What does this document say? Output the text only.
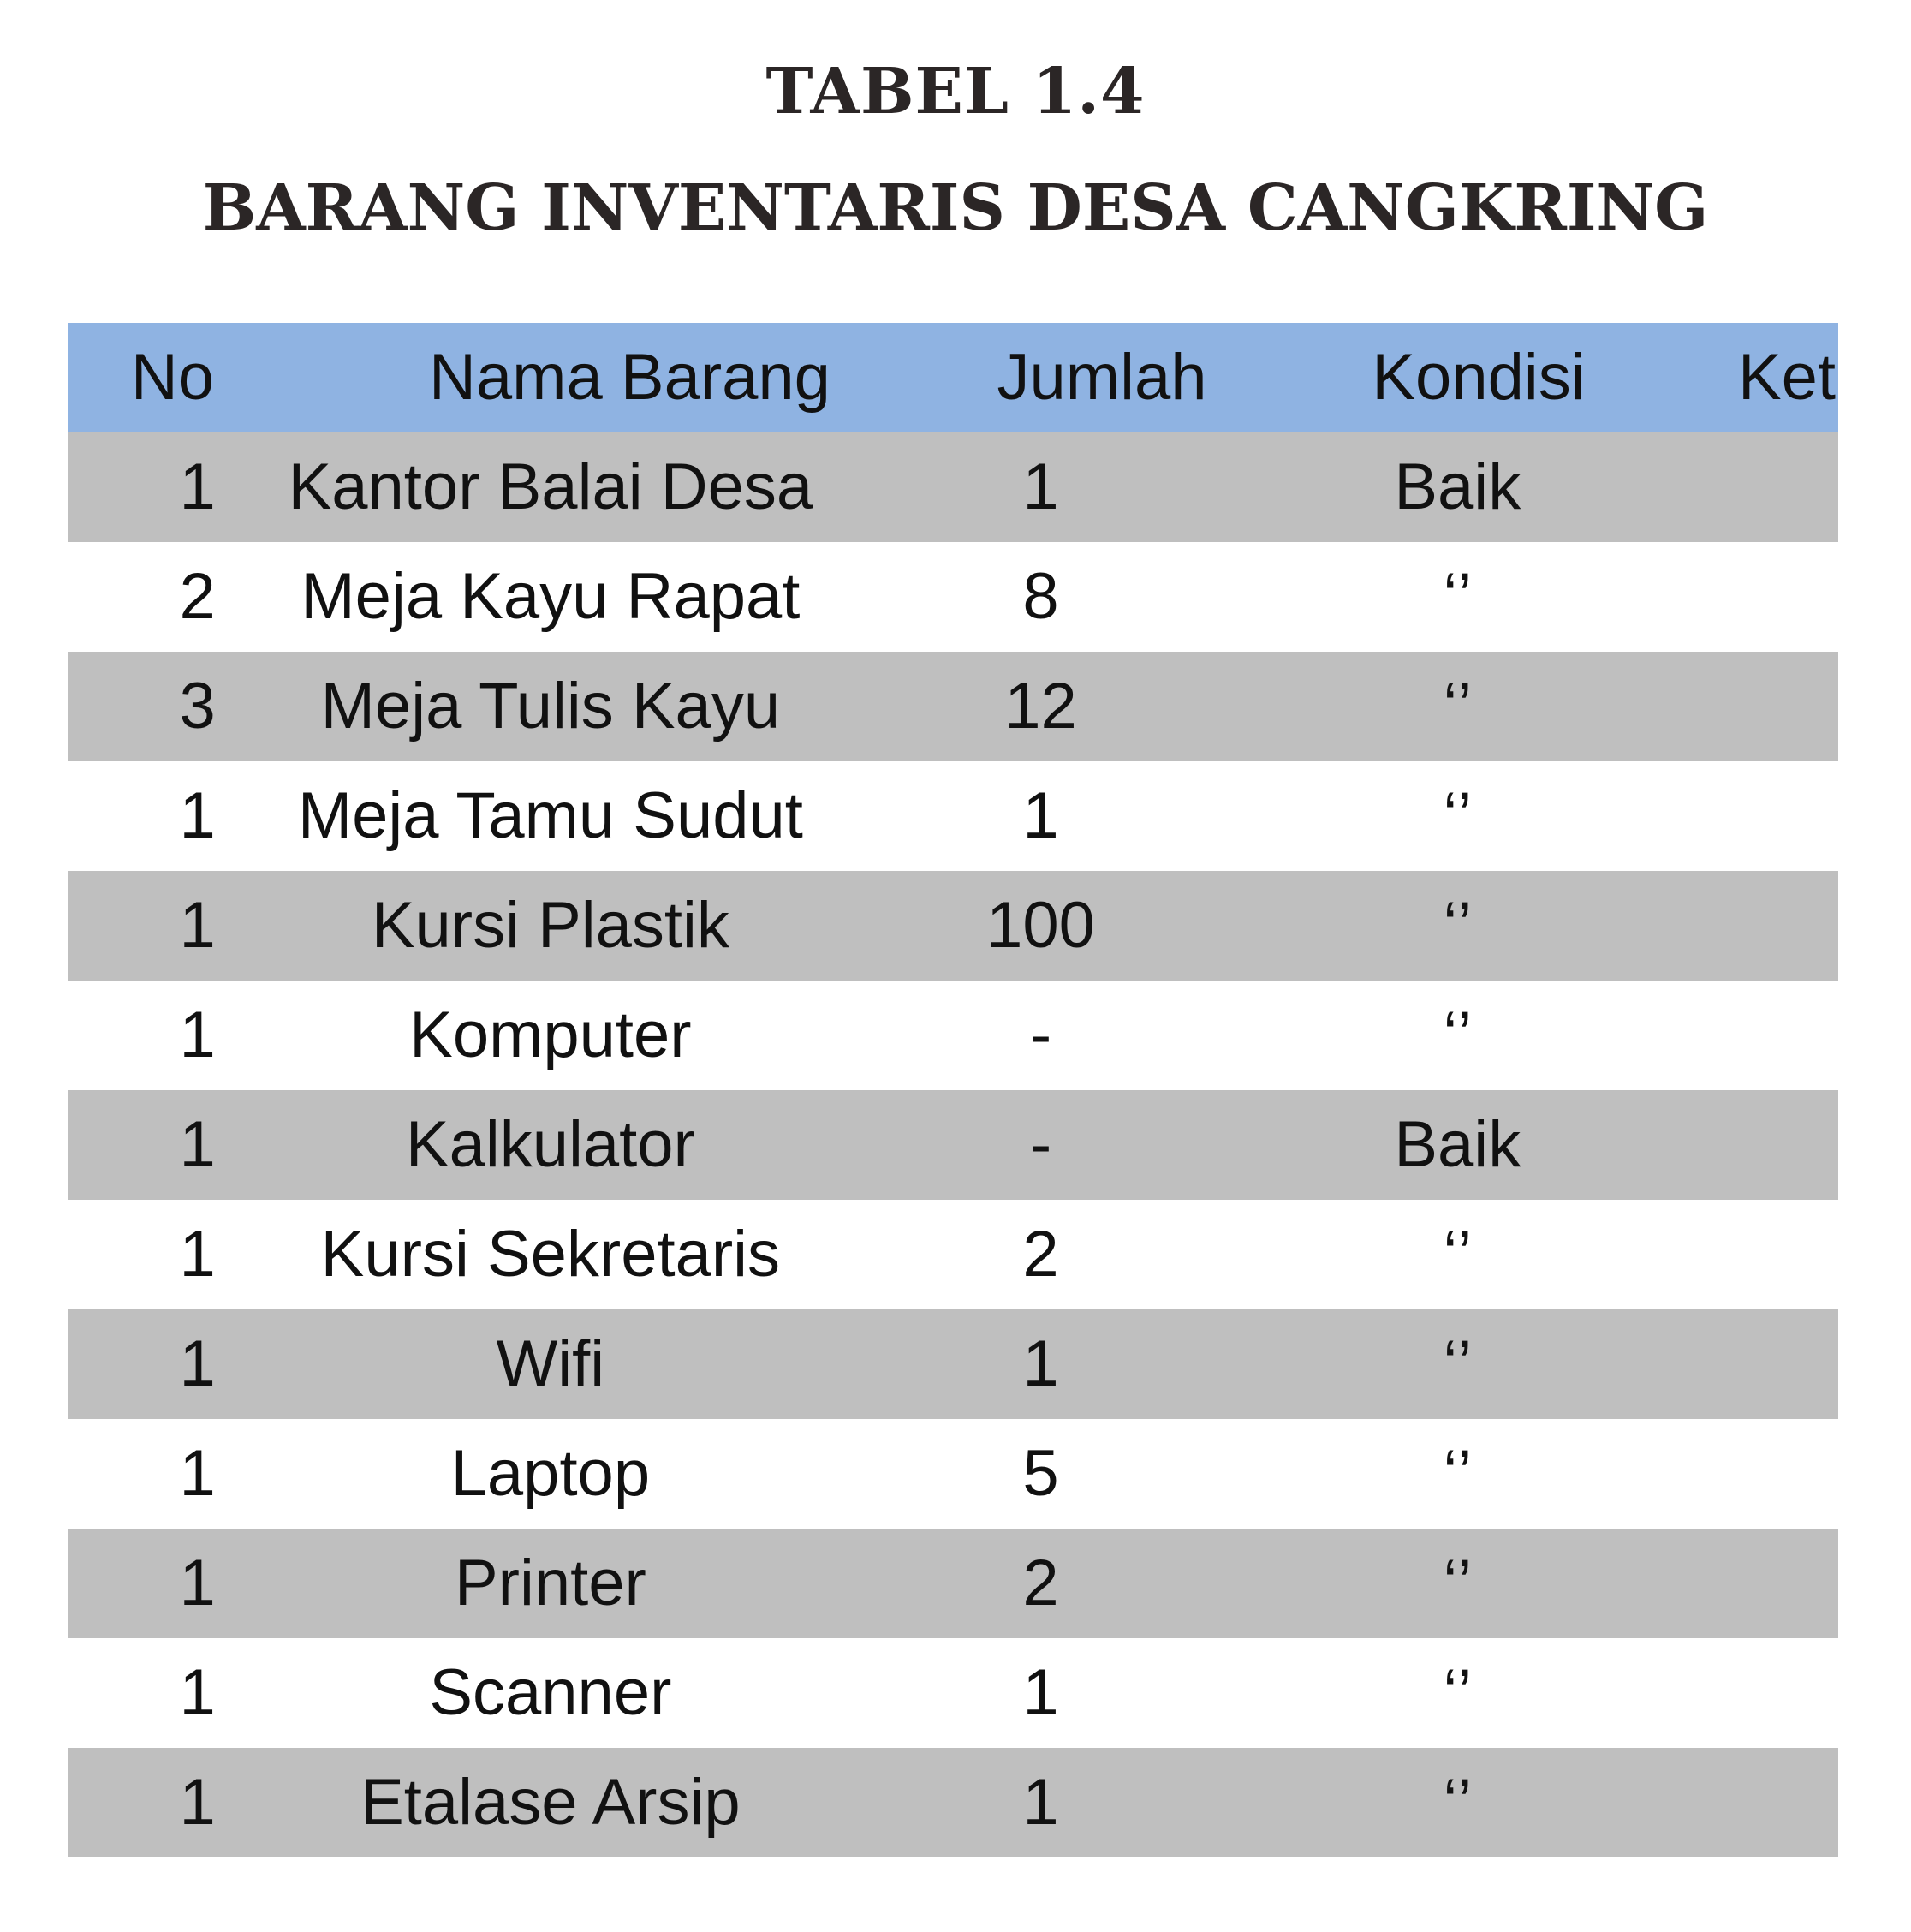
TABEL 1.4
BARANG INVENTARIS DESA CANGKRING
No	Nama Barang	Jumlah	Kondisi	Ket
1	Kantor Balai Desa	1	Baik
2	Meja Kayu Rapat	8	‘’
3	Meja Tulis Kayu	12	‘’
1	Meja Tamu Sudut	1	‘’
1	Kursi Plastik	100	‘’
1	Komputer	-	‘’
1	Kalkulator	-	Baik
1	Kursi Sekretaris	2	‘’
1	Wifi	1	‘’
1	Laptop	5	‘’
1	Printer	2	‘’
1	Scanner	1	‘’
1	Etalase Arsip	1	‘’
